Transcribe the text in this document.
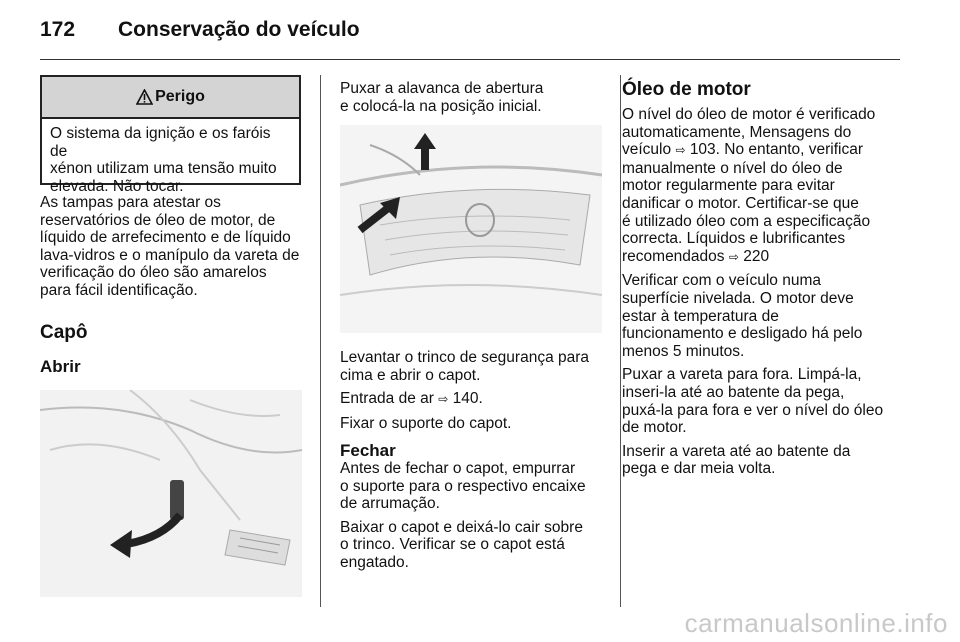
172 Conservação do veículo
Perigo
O sistema da ignição e os faróis de
xénon utilizam uma tensão muito
elevada. Não tocar.

As tampas para atestar os
reservatórios de óleo de motor, de
líquido de arrefecimento e de líquido
lava-vidros e o manípulo da vareta de
verificação do óleo são amarelos
para fácil identificação.

Capô
Abrir

Puxar a alavanca de abertura
e colocá-la na posição inicial.

Levantar o trinco de segurança para
cima e abrir o capot.

Entrada de ar ⇨ 140.

Fixar o suporte do capot.

Fechar

Antes de fechar o capot, empurrar
o suporte para o respectivo encaixe
de arrumação.

Baixar o capot e deixá-lo cair sobre
o trinco. Verificar se o capot está
engatado.

Óleo de motor

O nível do óleo de motor é verificado
automaticamente, Mensagens do
veículo ⇨ 103. No entanto, verificar
manualmente o nível do óleo de
motor regularmente para evitar
danificar o motor. Certificar-se que
é utilizado óleo com a especificação
correcta. Líquidos e lubrificantes
recomendados ⇨ 220

Verificar com o veículo numa
superfície nivelada. O motor deve
estar à temperatura de
funcionamento e desligado há pelo
menos 5 minutos.

Puxar a vareta para fora. Limpá-la,
inseri-la até ao batente da pega,
puxá-la para fora e ver o nível do óleo
de motor.

Inserir a vareta até ao batente da
pega e dar meia volta.

carmanualsonline.info
